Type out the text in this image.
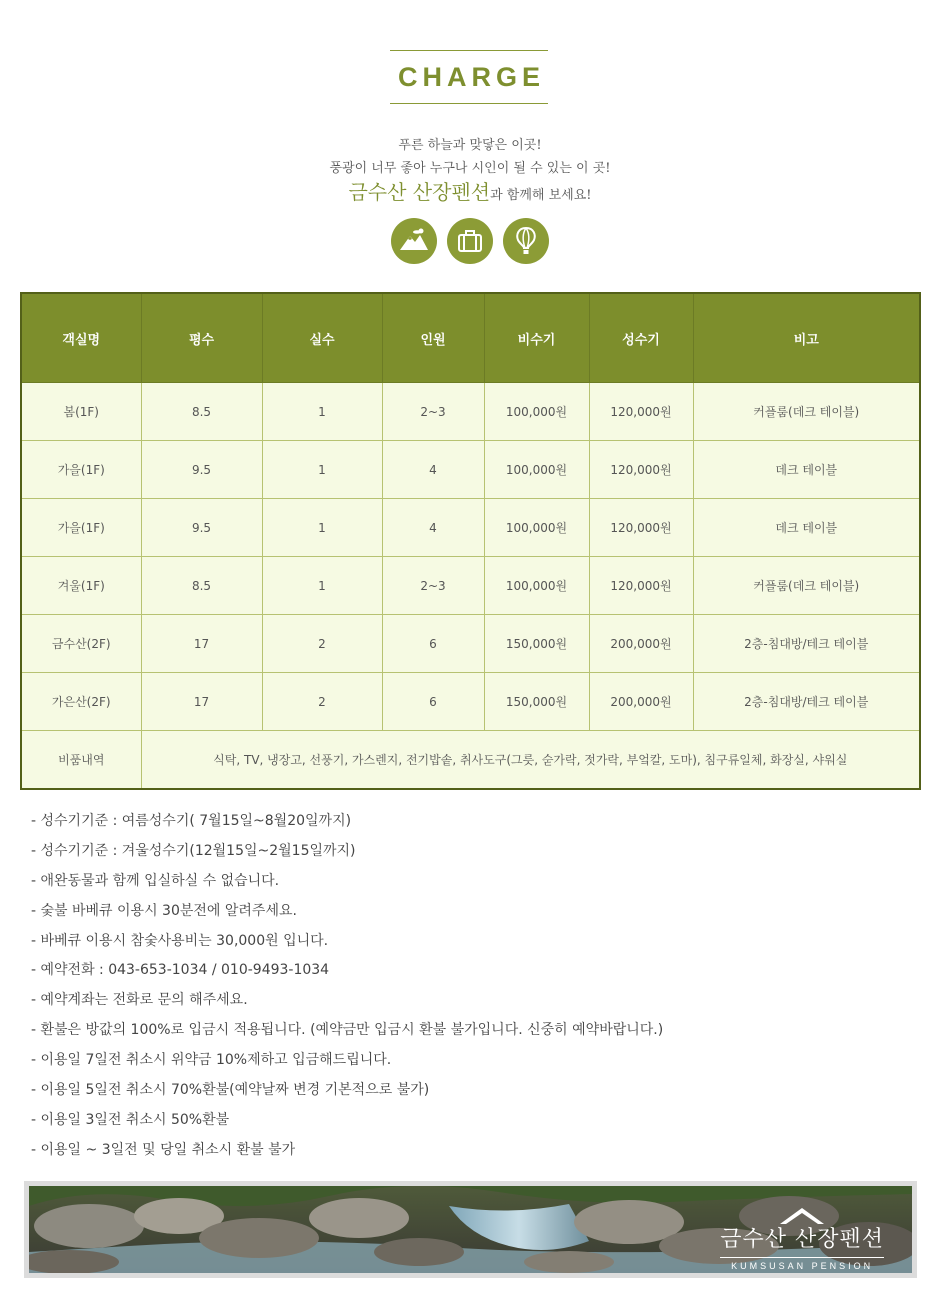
CHARGE
푸른 하늘과 맞닿은 이곳!
풍광이 너무 좋아 누구나 시인이 될 수 있는 이 곳!
금수산 산장펜션과 함께해 보세요!
객실명	평수	실수	인원	비수기	성수기	비고
봄(1F)	8.5	1	2~3	100,000원	120,000원	커플룸(데크 테이블)
가을(1F)	9.5	1	4	100,000원	120,000원	데크 테이블
가을(1F)	9.5	1	4	100,000원	120,000원	데크 테이블
겨울(1F)	8.5	1	2~3	100,000원	120,000원	커플룸(데크 테이블)
금수산(2F)	17	2	6	150,000원	200,000원	2층-침대방/테크 테이블
가은산(2F)	17	2	6	150,000원	200,000원	2층-침대방/테크 테이블
비품내역	식탁, TV, 냉장고, 선풍기, 가스렌지, 전기밥솥, 취사도구(그릇, 숟가락, 젓가락, 부엌칼, 도마), 침구류일체, 화장실, 샤워실					
- 성수기기준 : 여름성수기( 7월15일~8월20일까지)
- 성수기기준 : 겨울성수기(12월15일~2월15일까지)
- 애완동물과 함께 입실하실 수 없습니다.
- 숯불 바베큐 이용시 30분전에 알려주세요.
- 바베큐 이용시 참숯사용비는 30,000원 입니다.
- 예약전화 : 043-653-1034 / 010-9493-1034
- 예약계좌는 전화로 문의 해주세요.
- 환불은 방값의 100%로 입금시 적용됩니다. (예약금만 입금시 환불 불가입니다. 신중히 예약바랍니다.)
- 이용일 7일전 취소시 위약금 10%제하고 입금해드립니다.
- 이용일 5일전 취소시 70%환불(예약날짜 변경 기본적으로 불가)
- 이용일 3일전 취소시 50%환불
- 이용일 ~ 3일전 및 당일 취소시 환불 불가
금수산 산장펜션
KUMSUSAN PENSION
